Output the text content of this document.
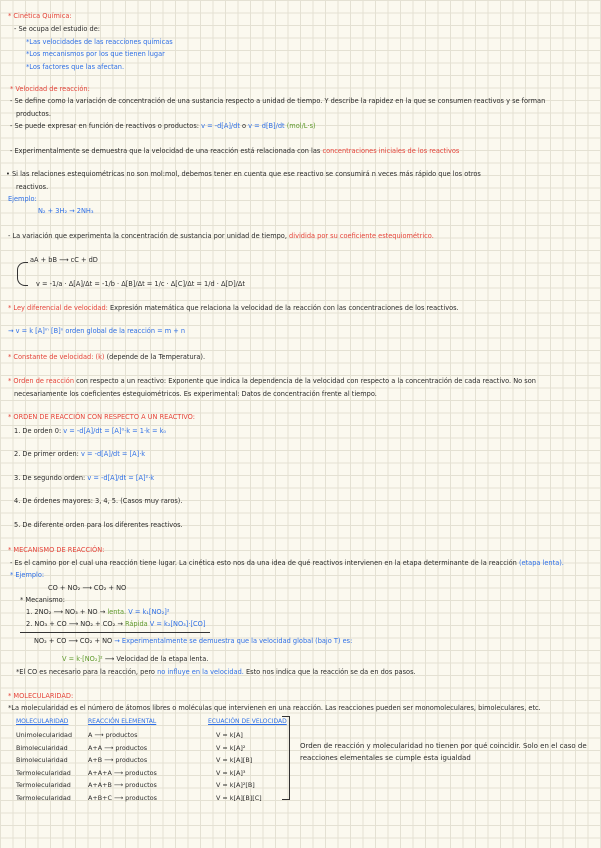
* Cinética Química:
- Se ocupa del estudio de:
*Las velocidades de las reacciones químicas
*Los mecanismos por los que tienen lugar
*Los factores que las afectan.
* Velocidad de reacción:
- Se define como la variación de concentración de una sustancia respecto a unidad de tiempo. Y describe la rapidez en la que se consumen reactivos y se forman
productos.
- Se puede expresar en función de reactivos o productos: v = -d[A]/dt o v = d[B]/dt (mol/L·s)
- Experimentalmente se demuestra que la velocidad de una reacción está relacionada con las concentraciones iniciales de los reactivos
• Si las relaciones estequiométricas no son mol:mol, debemos tener en cuenta que ese reactivo se consumirá n veces más rápido que los otros
reactivos.
Ejemplo:
N₂ + 3H₂ → 2NH₃
- La variación que experimenta la concentración de sustancia por unidad de tiempo, dividida por su coeficiente estequiométrico.
aA + bB ⟶ cC + dD
v = -1/a · Δ[A]/Δt = -1/b · Δ[B]/Δt = 1/c · Δ[C]/Δt = 1/d · Δ[D]/Δt
* Ley diferencial de velocidad: Expresión matemática que relaciona la velocidad de la reacción con las concentraciones de los reactivos.
→ v = k [A]ᵐ [B]ⁿ orden global de la reacción = m + n
* Constante de velocidad: (k) (depende de la Temperatura).
* Orden de reacción con respecto a un reactivo: Exponente que indica la dependencia de la velocidad con respecto a la concentración de cada reactivo. No son
necesariamente los coeficientes estequiométricos. Es experimental: Datos de concentración frente al tiempo.
* ORDEN DE REACCIÓN CON RESPECTO A UN REACTIVO:
1. De orden 0: v = -d[A]/dt = [A]⁰·k = 1·k = k₀
2. De primer orden: v = -d[A]/dt = [A]·k
3. De segundo orden: v = -d[A]/dt = [A]²·k
4. De órdenes mayores: 3, 4, 5. (Casos muy raros).
5. De diferente orden para los diferentes reactivos.
* MECANISMO DE REACCIÓN:
- Es el camino por el cual una reacción tiene lugar. La cinética esto nos da una idea de qué reactivos intervienen en la etapa determinante de la reacción (etapa lenta).
* Ejemplo:
CO + NO₂ ⟶ CO₂ + NO
* Mecanismo:
1. 2NO₂ ⟶ NO₃ + NO → lenta. V = k₁[NO₂]²
2. NO₃ + CO ⟶ NO₂ + CO₂ → Rápida V = k₂[NO₃]·[CO]
NO₂ + CO ⟶ CO₂ + NO → Experimentalmente se demuestra que la velocidad global (bajo T) es:
V = k·[NO₂]² ⟶ Velocidad de la etapa lenta.
*El CO es necesario para la reacción, pero no influye en la velocidad. Esto nos indica que la reacción se da en dos pasos.
* MOLECULARIDAD:
*La molecularidad es el número de átomos libres o moléculas que intervienen en una reacción. Las reacciones pueden ser monomoleculares, bimoleculares, etc.
MOLECULARIDAD	REACCIÓN ELEMENTAL	ECUACIÓN DE VELOCIDAD
Unimolecularidad A ⟶ productos	V = k[A]
Bimolecularidad	A+A ⟶ productos	V = k[A]²
Bimolecularidad	A+B ⟶ productos	V = k[A][B]
Termolecularidad	A+A+A ⟶ productos	V = k[A]³
Termolecularidad	A+A+B ⟶ productos	V = k[A]²[B]
Termolecularidad	A+B+C ⟶ productos	V = k[A][B][C]
Orden de reacción y molecularidad no tienen por qué coincidir. Solo en el caso de reacciones elementales se cumple esta igualdad
